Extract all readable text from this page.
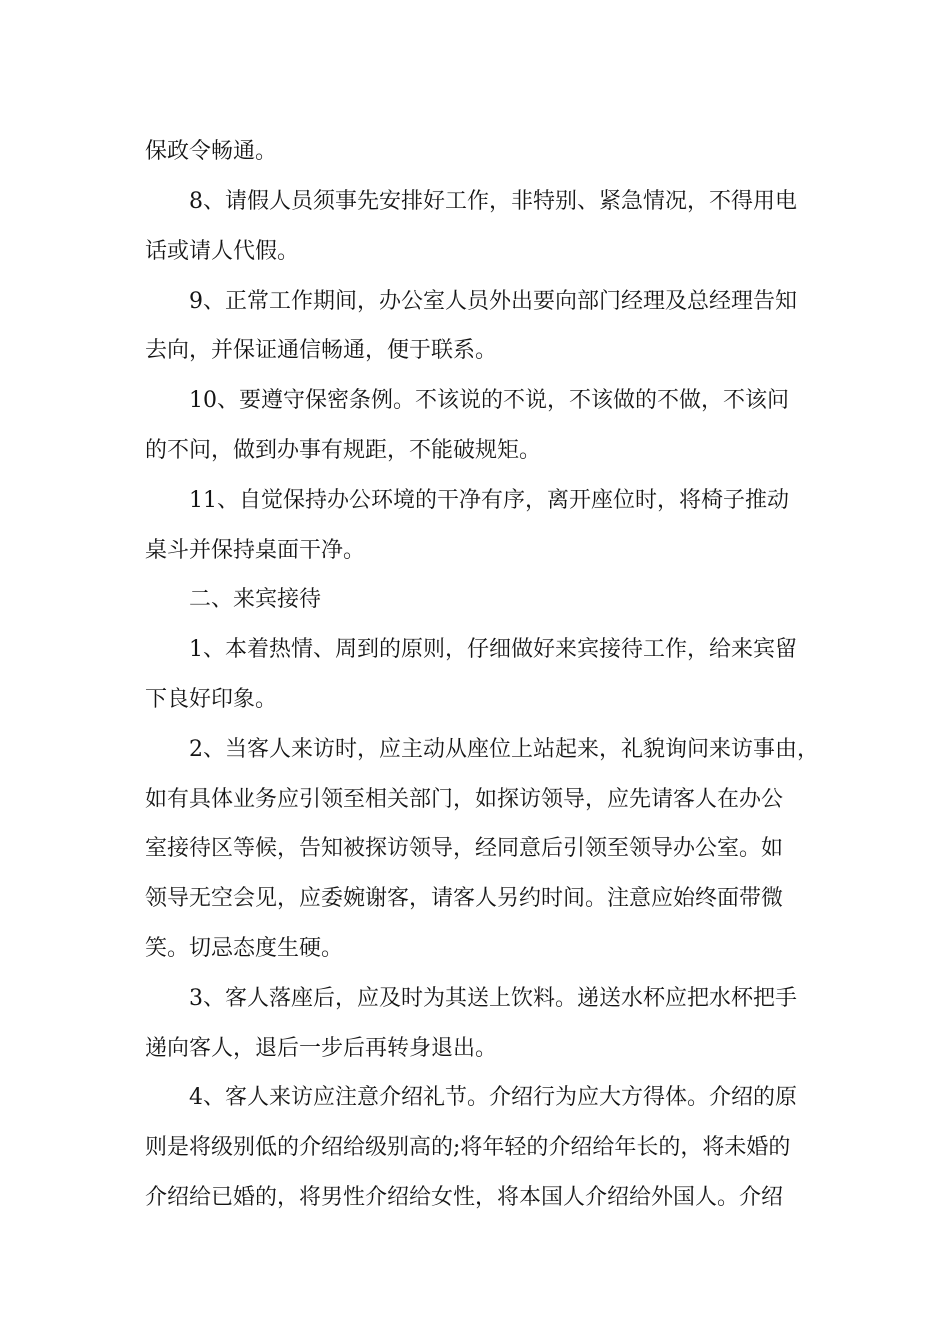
保政令畅通。
8、请假人员须事先安排好工作，非特别、紧急情况，不得用电
话或请人代假。
9、正常工作期间，办公室人员外出要向部门经理及总经理告知
去向，并保证通信畅通，便于联系。
10、要遵守保密条例。不该说的不说，不该做的不做，不该问
的不问，做到办事有规距，不能破规矩。
11、自觉保持办公环境的干净有序，离开座位时，将椅子推动
桌斗并保持桌面干净。
二、来宾接待
1、本着热情、周到的原则，仔细做好来宾接待工作，给来宾留
下良好印象。
2、当客人来访时，应主动从座位上站起来，礼貌询问来访事由，
如有具体业务应引领至相关部门，如探访领导，应先请客人在办公
室接待区等候，告知被探访领导，经同意后引领至领导办公室。如
领导无空会见，应委婉谢客，请客人另约时间。注意应始终面带微
笑。切忌态度生硬。
3、客人落座后，应及时为其送上饮料。递送水杯应把水杯把手
递向客人，退后一步后再转身退出。
4、客人来访应注意介绍礼节。介绍行为应大方得体。介绍的原
则是将级别低的介绍给级别高的;将年轻的介绍给年长的，将未婚的
介绍给已婚的，将男性介绍给女性，将本国人介绍给外国人。介绍
